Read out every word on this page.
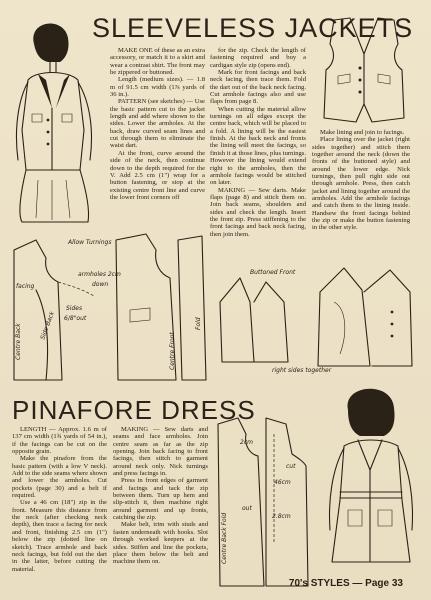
SLEEVELESS JACKETS
PINAFORE DRESS

MAKE ONE of these as an extra accessory, or match it to a skirt and wear a contrast shirt. The front may be zippered or buttoned.

Length (medium sizes). — 1.8 m of 91.5 cm width (1⅞ yards of 36 in.).

PATTERN (see sketches) — Use the basic pattern cut to the jacket length and add where shown to the sides. Lower the armholes. At the back, draw curved seam lines and cut through them to eliminate the waist dart.

At the front, curve around the side of the neck, then continue down to the depth required for the V. Add 2.5 cm (1") wrap for a button fastening, or stop at the existing centre front line and curve the lower front corners off

for the zip. Check the length of fastening required and buy a cardigan style zip (opens end).

Mark for front facings and back neck facing, then trace them. Fold the dart out of the back neck facing. Cut armhole facings also and use flaps from page 8.

When cutting the material allow turnings on all edges except the centre back, which will be placed to a fold. A lining will be the easiest finish. At the back neck and fronts the lining will meet the facings, so finish it at those lines, plus turnings. However the lining would extend right to the armholes, then the armhole facings would be stitched on later.

MAKING — Sew darts. Make flaps (page 8) and stitch them on. Join back seams, shoulders and sides and check the length. Insert the front zip. Press stiffening to the front facings and back neck facing, then join them.

Make lining and join to facings.

Place lining over the jacket (right sides together) and stitch them together around the neck (down the fronts of the buttoned style) and around the lower edge. Nick turnings, then pull right side out through armhole. Press, then catch jacket and lining together around the armholes. Add the armhole facings and catch them to the lining inside. Handsew the front facings behind the zip or make the button fastening in the other style.

LENGTH — Approx. 1.6 m of 137 cm width (1¾ yards of 54 in.), if the facings can be cut on the opposite grain.

Make the pinafore from the basic pattern (with a low V neck). Add to the side seams where shown and lower the armholes. Cut pockets (page 30) and a belt if required.

Use a 46 cm (18") zip in the front. Measure this distance from the neck (after checking neck depth), then trace a facing for neck and front, finishing 2.5 cm (1") below the zip (dotted line on sketch). Trace armhole and back neck facings, but fold out the dart in the latter, before cutting the material.

MAKING — Sew darts and seams and face armholes. Join centre seam as far as the zip opening. Join back facing to front facings, then stitch to garment around neck only. Nick turnings and press facings in.

Press in front edges of garment and facings and tack the zip between them. Turn up hem and slip-stitch it, then machine right around garment and up fronts, catching the zip.

Make belt, trim with studs and fasten underneath with hooks. Slot through worked keepers at the sides. Stiffen and line the pockets, place them below the belt and machine them on.

70's STYLES — Page 33
Allow Turnings
facing
armholes 2cm
down
Sides
6/8"out
Centre Back	Side Back
Centre Front
Fold
Buttoned Front
right sides together
Centre Back Fold
2cm
cut
46cm
out
2.8cm
